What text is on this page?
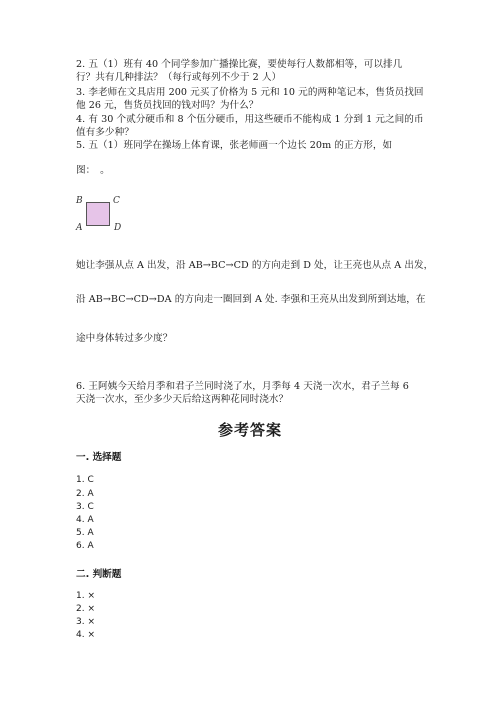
2. 五（1）班有 40 个同学参加广播操比赛，要使每行人数都相等，可以排几
行？共有几种排法？（每行或每列不少于 2 人）
3. 李老师在文具店用 200 元买了价格为 5 元和 10 元的两种笔记本，售货员找回
他 26 元，售货员找回的钱对吗？为什么？
4. 有 30 个贰分硬币和 8 个伍分硬币，用这些硬币不能构成 1 分到 1 元之间的币
值有多少种？
5. 五（1）班同学在操场上体育课，张老师画一个边长 20m 的正方形，如
图：　。
B	C
A	D
她让李强从点 A 出发，沿 AB→BC→CD 的方向走到 D 处，让王亮也从点 A 出发，
沿 AB→BC→CD→DA 的方向走一圈回到 A 处. 李强和王亮从出发到所到达地，在
途中身体转过多少度？
6. 王阿姨今天给月季和君子兰同时浇了水，月季每 4 天浇一次水，君子兰每 6
天浇一次水，至少多少天后给这两种花同时浇水？
参考答案
一. 选择题
1. C
2. A
3. C
4. A
5. A
6. A
二. 判断题
1. ×
2. ×
3. ×
4. ×
